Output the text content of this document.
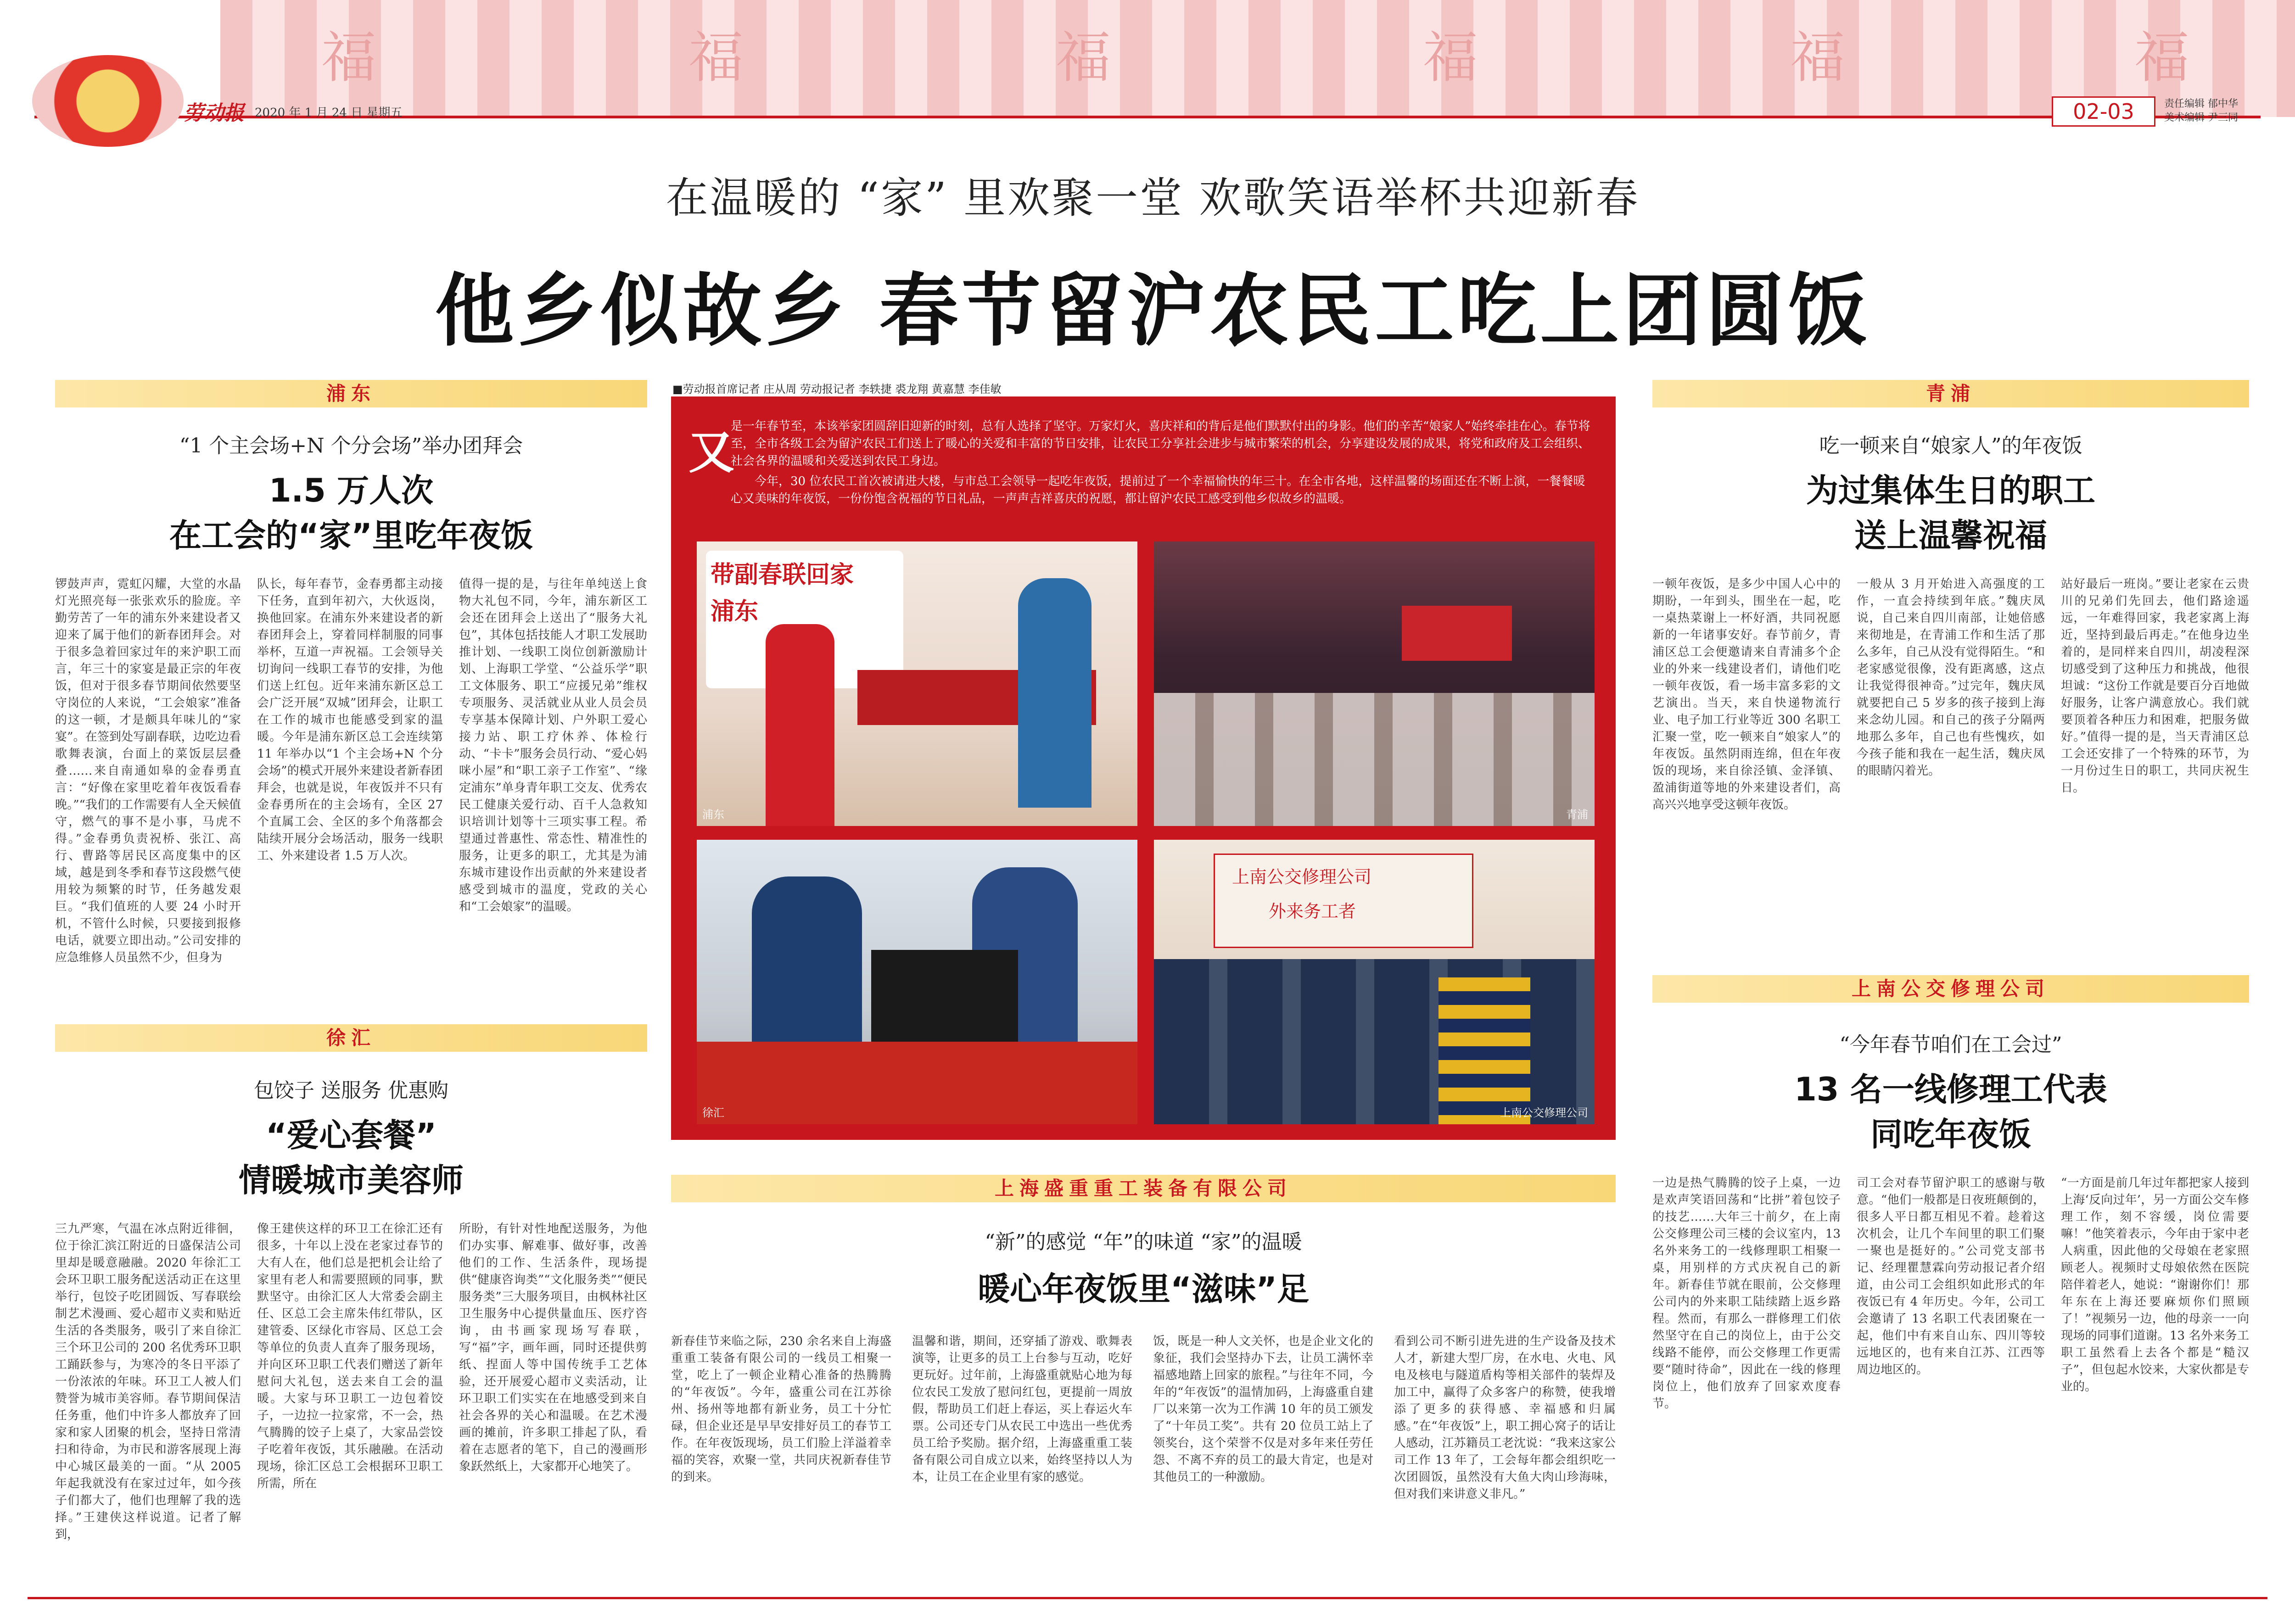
福	福	福	福	福	福
劳动报 2020 年 1 月 24 日 星期五	02-03	责任编辑 郁中华
美术编辑 尹三同
在温暖的 “家” 里欢聚一堂 欢歌笑语举杯共迎新春
他乡似故乡 春节留沪农民工吃上团圆饭
浦东
“1 个主会场+N 个分会场”举办团拜会
1.5 万人次
在工会的“家”里吃年夜饭
锣鼓声声，霓虹闪耀，大堂的水晶灯光照亮每一张张欢乐的脸庞。辛勤劳苦了一年的浦东外来建设者又迎来了属于他们的新春团拜会。对于很多急着回家过年的来沪职工而言，年三十的家宴是最正宗的年夜饭，但对于很多春节期间依然要坚守岗位的人来说，“工会娘家”准备的这一顿，才是颇具年味儿的“家宴”。在签到处写副春联，边吃边看歌舞表演，台面上的菜饭层层叠叠……来自南通如皋的金春勇直言：“好像在家里吃着年夜饭看春晚。”“我们的工作需要有人全天候值守，燃气的事不是小事，马虎不得。”金春勇负责祝桥、张江、高行、曹路等居民区高度集中的区域，越是到冬季和春节这段燃气使用较为频繁的时节，任务越发艰巨。“我们值班的人要 24 小时开机，不管什么时候，只要接到报修电话，就要立即出动。”公司安排的应急维修人员虽然不少，但身为
队长，每年春节，金春勇都主动接下任务，直到年初六，大伙返岗，换他回家。在浦东外来建设者的新春团拜会上，穿着同样制服的同事举杯，互道一声祝福。工会领导关切询问一线职工春节的安排，为他们送上红包。近年来浦东新区总工会广泛开展“双城”团拜会，让职工在工作的城市也能感受到家的温暖。今年是浦东新区总工会连续第 11 年举办以“1 个主会场+N 个分会场”的模式开展外来建设者新春团拜会，也就是说，年夜饭并不只有金春勇所在的主会场有，全区 27 个直属工会、全区的多个角落都会陆续开展分会场活动，服务一线职工、外来建设者 1.5 万人次。
值得一提的是，与往年单纯送上食物大礼包不同，今年，浦东新区工会还在团拜会上送出了“服务大礼包”，其体包括技能人才职工发展助推计划、一线职工岗位创新激励计划、上海职工学堂、“公益乐学”职工文体服务、职工“应援兄弟”维权专项服务、灵活就业从业人员会员专享基本保障计划、户外职工爱心接力站、职工疗休养、体检行动、“卡卡”服务会员行动、“爱心妈咪小屋”和“职工亲子工作室”、“缘定浦东”单身青年职工交友、优秀农民工健康关爱行动、百千人急救知识培训计划等十三项实事工程。希望通过普惠性、常态性、精准性的服务，让更多的职工，尤其是为浦东城市建设作出贡献的外来建设者感受到城市的温度，党政的关心和“工会娘家”的温暖。
徐汇
包饺子 送服务 优惠购
“爱心套餐”
情暖城市美容师
三九严寒，气温在冰点附近徘徊，位于徐汇滨江附近的日盛保洁公司里却是暖意融融。2020 年徐汇工会环卫职工服务配送活动正在这里举行，包饺子吃团圆饭、写春联绘制艺术漫画、爱心超市义卖和贴近生活的各类服务，吸引了来自徐汇三个环卫公司的 200 名优秀环卫职工踊跃参与，为寒冷的冬日平添了一份浓浓的年味。环卫工人被人们赞誉为城市美容师。春节期间保洁任务重，他们中许多人都放弃了回家和家人团聚的机会，坚持日常清扫和待命，为市民和游客展现上海中心城区最美的一面。“从 2005 年起我就没有在家过过年，如今孩子们都大了，他们也理解了我的选择。”王建侠这样说道。记者了解到，
像王建侠这样的环卫工在徐汇还有很多，十年以上没在老家过春节的大有人在，他们总是把机会让给了家里有老人和需要照顾的同事，默默坚守。由徐汇区人大常委会副主任、区总工会主席朱伟红带队，区建管委、区绿化市容局、区总工会等单位的负责人直奔了服务现场，并向区环卫职工代表们赠送了新年慰问大礼包，送去来自工会的温暖。大家与环卫职工一边包着饺子，一边拉一拉家常，不一会，热气腾腾的饺子上桌了，大家品尝饺子吃着年夜饭，其乐融融。在活动现场，徐汇区总工会根据环卫职工所需，所在
所盼，有针对性地配送服务，为他们办实事、解难事、做好事，改善他们的工作、生活条件，现场提供“健康咨询类”“文化服务类”“便民服务类”三大服务项目，由枫林社区卫生服务中心提供量血压、医疗咨询，由书画家现场写春联，写“福”字，画年画，同时还提供剪纸、捏面人等中国传统手工艺体验，还开展爱心超市义卖活动，让环卫职工们实实在在地感受到来自社会各界的关心和温暖。在艺术漫画的摊前，许多职工排起了队，看着在志愿者的笔下，自己的漫画形象跃然纸上，大家都开心地笑了。
■劳动报首席记者 庄从周 劳动报记者 李轶捷 裘龙翔 黄嘉慧 李佳敏
又
是一年春节至，本该举家团圆辞旧迎新的时刻，总有人选择了坚守。万家灯火，喜庆祥和的背后是他们默默付出的身影。他们的辛苦“娘家人”始终牵挂在心。春节将至，全市各级工会为留沪农民工们送上了暖心的关爱和丰富的节日安排，让农民工分享社会进步与城市繁荣的机会，分享建设发展的成果，将党和政府及工会组织、社会各界的温暖和关爱送到农民工身边。
今年，30 位农民工首次被请进大楼，与市总工会领导一起吃年夜饭，提前过了一个幸福愉快的年三十。在全市各地，这样温馨的场面还在不断上演，一餐餐暖心又美味的年夜饭，一份份饱含祝福的节日礼品，一声声吉祥喜庆的祝愿，都让留沪农民工感受到他乡似故乡的温暖。
带副春联回家
浦东
浦东	青浦
徐汇
上南公交修理公司
外来务工者
上南公交修理公司
上海盛重重工装备有限公司
“新”的感觉 “年”的味道 “家”的温暖
暖心年夜饭里“滋味”足
新春佳节来临之际，230 余名来自上海盛重重工装备有限公司的一线员工相聚一堂，吃上了一顿企业精心准备的热腾腾的“年夜饭”。今年，盛重公司在江苏徐州、扬州等地都有新业务，员工十分忙碌，但企业还是早早安排好员工的春节工作。在年夜饭现场，员工们脸上洋溢着幸福的笑容，欢聚一堂，共同庆祝新春佳节的到来。
温馨和谐，期间，还穿插了游戏、歌舞表演等，让更多的员工上台参与互动，吃好更玩好。过年前，上海盛重就贴心地为每位农民工发放了慰问红包，更提前一周放假，帮助员工们赶上春运，买上春运火车票。公司还专门从农民工中选出一些优秀员工给予奖励。据介绍，上海盛重重工装备有限公司自成立以来，始终坚持以人为本，让员工在企业里有家的感觉。
饭，既是一种人文关怀，也是企业文化的象征，我们会坚持办下去，让员工满怀幸福感地踏上回家的旅程。”与往年不同，今年的“年夜饭”的温情加码，上海盛重自建厂以来第一次为工作满 10 年的员工颁发了“十年员工奖”。共有 20 位员工站上了领奖台，这个荣誉不仅是对多年来任劳任怨、不离不弃的员工的最大肯定，也是对其他员工的一种激励。
看到公司不断引进先进的生产设备及技术人才，新建大型厂房，在水电、火电、风电及核电与隧道盾构等相关部件的装焊及加工中，赢得了众多客户的称赞，使我增添了更多的获得感、幸福感和归属感。”在“年夜饭”上，职工拥心窝子的话让人感动，江苏籍员工老沈说：“我来这家公司工作 13 年了，工会每年都会组织吃一次团圆饭，虽然没有大鱼大肉山珍海味，但对我们来讲意义非凡。”
青浦
吃一顿来自“娘家人”的年夜饭
为过集体生日的职工
送上温馨祝福
一顿年夜饭，是多少中国人心中的期盼，一年到头，围坐在一起，吃一桌热菜谢上一杯好酒，共同祝愿新的一年诸事安好。春节前夕，青浦区总工会便邀请来自青浦多个企业的外来一线建设者们，请他们吃一顿年夜饭，看一场丰富多彩的文艺演出。当天，来自快递物流行业、电子加工行业等近 300 名职工汇聚一堂，吃一顿来自“娘家人”的年夜饭。虽然阴雨连绵，但在年夜饭的现场，来自徐泾镇、金泽镇、盈浦街道等地的外来建设者们，高高兴兴地享受这顿年夜饭。
一般从 3 月开始进入高强度的工作，一直会持续到年底。”魏庆凤说，自己来自四川南部，让她倍感来彻地是，在青浦工作和生活了那么多年，自己从没有觉得陌生。“和老家感觉很像，没有距离感，这点让我觉得很神奇。”过完年，魏庆凤就要把自己 5 岁多的孩子接到上海来念幼儿园。和自己的孩子分隔两地那么多年，自己也有些愧疚，如今孩子能和我在一起生活，魏庆凤的眼睛闪着光。
站好最后一班岗。”要让老家在云贵川的兄弟们先回去，他们路途遥远，一年难得回家，我老家离上海近，坚持到最后再走。”在他身边坐着的，是同样来自四川，胡凌程深切感受到了这种压力和挑战，他很坦诚：“这份工作就是要百分百地做好服务，让客户满意放心。我们就要顶着各种压力和困难，把服务做好。”值得一提的是，当天青浦区总工会还安排了一个特殊的环节，为一月份过生日的职工，共同庆祝生日。
上南公交修理公司
“今年春节咱们在工会过”
13 名一线修理工代表
同吃年夜饭
一边是热气腾腾的饺子上桌，一边是欢声笑语回荡和“比拼”着包饺子的技艺……大年三十前夕，在上南公交修理公司三楼的会议室内，13 名外来务工的一线修理职工相聚一桌，用别样的方式庆祝自己的新年。新春佳节就在眼前，公交修理公司内的外来职工陆续踏上返乡路程。然而，有那么一群修理工们依然坚守在自己的岗位上，由于公交线路不能停，而公交修理工作更需要“随时待命”，因此在一线的修理岗位上，他们放弃了回家欢度春节。
司工会对春节留沪职工的感谢与敬意。“他们一般都是日夜班颠倒的，很多人平日都互相见不着。趁着这次机会，让几个车间里的职工们聚一聚也是挺好的。”公司党支部书记、经理瞿慧霖向劳动报记者介绍道，由公司工会组织如此形式的年夜饭已有 4 年历史。今年，公司工会邀请了 13 名职工代表团聚在一起，他们中有来自山东、四川等较远地区的，也有来自江苏、江西等周边地区的。
“一方面是前几年过年都把家人接到上海‘反向过年’，另一方面公交车修理工作，刻不容缓，岗位需要嘛！”他笑着表示，今年由于家中老人病重，因此他的父母娘在老家照顾老人。视频时丈母娘依然在医院陪伴着老人，她说：“谢谢你们！那年东在上海还要麻烦你们照顾了！”视频另一边，他的母亲一一向现场的同事们道谢。13 名外来务工职工虽然看上去各个都是“糙汉子”，但包起水饺来，大家伙都是专业的。
